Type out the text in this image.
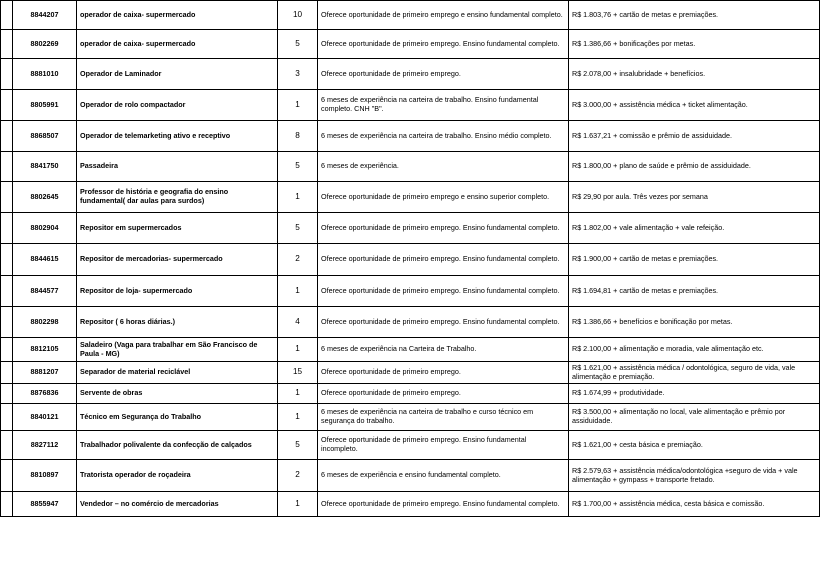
	8844207	operador de caixa- supermercado	10	Oferece oportunidade de primeiro emprego e ensino fundamental completo.	R$ 1.803,76 + cartão de metas e premiações.
	8802269	operador de caixa- supermercado	5	Oferece oportunidade de primeiro emprego. Ensino fundamental completo.	R$ 1.386,66 + bonificações por metas.
	8881010	Operador de Laminador	3	Oferece oportunidade de primeiro emprego.	R$ 2.078,00 + insalubridade + benefícios.
	8805991	Operador de rolo compactador	1	6 meses de experiência na carteira de trabalho. Ensino fundamental completo. CNH "B".	R$ 3.000,00 + assistência médica + ticket alimentação.
	8868507	Operador de telemarketing ativo e receptivo	8	6 meses de experiência na carteira de trabalho. Ensino médio completo.	R$ 1.637,21 + comissão e prêmio de assiduidade.
	8841750	Passadeira	5	6 meses de experiência.	R$ 1.800,00 + plano de saúde e prêmio de assiduidade.
	8802645	Professor de história e geografia do ensino fundamental( dar aulas para surdos)	1	Oferece oportunidade de primeiro emprego e ensino superior completo.	R$ 29,90 por aula. Três vezes por semana
	8802904	Repositor em supermercados	5	Oferece oportunidade de primeiro emprego. Ensino fundamental completo.	R$ 1.802,00 + vale alimentação + vale refeição.
	8844615	Repositor de mercadorias- supermercado	2	Oferece oportunidade de primeiro emprego. Ensino fundamental completo.	R$ 1.900,00 + cartão de metas e premiações.
	8844577	Repositor de loja- supermercado	1	Oferece oportunidade de primeiro emprego. Ensino fundamental completo.	R$ 1.694,81 + cartão de metas e premiações.
	8802298	Repositor ( 6 horas diárias.)	4	Oferece oportunidade de primeiro emprego. Ensino fundamental completo.	R$ 1.386,66 + benefícios e bonificação por metas.
	8812105	Saladeiro (Vaga para trabalhar em São Francisco de Paula - MG)	1	6 meses de experiência na Carteira de Trabalho.	R$ 2.100,00 + alimentação e moradia, vale alimentação etc.
	8881207	Separador de material reciclável	15	Oferece oportunidade de primeiro emprego.	R$ 1.621,00 + assistência médica / odontológica, seguro de vida, vale alimentação e premiação.
	8876836	Servente de obras	1	Oferece oportunidade de primeiro emprego.	R$ 1.674,99 + produtividade.
	8840121	Técnico em Segurança do Trabalho	1	6 meses de experiência na carteira de trabalho e curso técnico em segurança do trabalho.	R$ 3.500,00 + alimentação no local, vale alimentação e prêmio por assiduidade.
	8827112	Trabalhador polivalente da confecção de calçados	5	Oferece oportunidade de primeiro emprego. Ensino fundamental incompleto.	R$ 1.621,00 + cesta básica e premiação.
	8810897	Tratorista operador de roçadeira	2	6 meses de experiência e ensino fundamental completo.	R$ 2.579,63 + assistência médica/odontológica +seguro de vida + vale alimentação + gympass + transporte fretado.
	8855947	Vendedor – no comércio de mercadorias	1	Oferece oportunidade de primeiro emprego. Ensino fundamental completo.	R$ 1.700,00 + assistência médica, cesta básica e comissão.
